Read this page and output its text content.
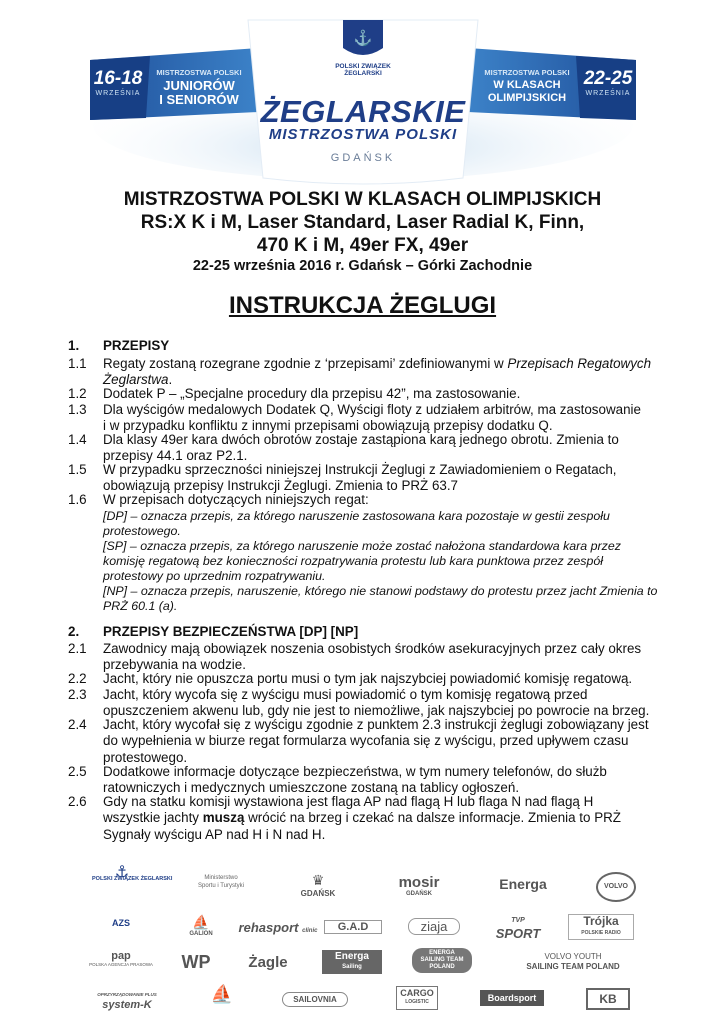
⚓
16-18
WRZEŚNIA
MISTRZOSTWA POLSKI
JUNIORÓW
I SENIORÓW
MISTRZOSTWA POLSKI
W KLASACH
OLIMPIJSKICH
22-25
WRZEŚNIA
POLSKI ZWIĄZEK
ŻEGLARSKI
ŻEGLARSKIE
MISTRZOSTWA POLSKI
GDAŃSK
MISTRZOSTWA POLSKI W KLASACH OLIMPIJSKICH
RS:X K i M, Laser Standard, Laser Radial K, Finn,
470 K i M, 49er FX, 49er
22-25 września 2016 r. Gdańsk – Górki Zachodnie
INSTRUKCJA ŻEGLUGI
1. PRZEPISY
1.1 Regaty zostaną rozegrane zgodnie z ‘przepisami’ zdefiniowanymi w Przepisach Regatowych
Żeglarstwa.
1.2 Dodatek P – „Specjalne procedury dla przepisu 42”, ma zastosowanie.
1.3 Dla wyścigów medalowych Dodatek Q, Wyścigi floty z udziałem arbitrów, ma zastosowanie
i w przypadku konfliktu z innymi przepisami obowiązują przepisy dodatku Q.
1.4 Dla klasy 49er kara dwóch obrotów zostaje zastąpiona karą jednego obrotu. Zmienia to
przepisy 44.1 oraz P2.1.
1.5 W przypadku sprzeczności niniejszej Instrukcji Żeglugi z Zawiadomieniem o Regatach,
obowiązują przepisy Instrukcji Żeglugi. Zmienia to PRŻ 63.7
1.6 W przepisach dotyczących niniejszych regat:
[DP] – oznacza przepis, za którego naruszenie zastosowana kara pozostaje w gestii zespołu
protestowego.
[SP] – oznacza przepis, za którego naruszenie może zostać nałożona standardowa kara przez
komisję regatową bez konieczności rozpatrywania protestu lub kara punktowa przez zespół
protestowy po uprzednim rozpatrywaniu.
[NP] – oznacza przepis, naruszenie, którego nie stanowi podstawy do protestu przez jacht Zmienia to
PRŻ 60.1 (a).
2. PRZEPISY BEZPIECZEŃSTWA [DP] [NP]
2.1 Zawodnicy mają obowiązek noszenia osobistych środków asekuracyjnych przez cały okres
przebywania na wodzie.
2.2 Jacht, który nie opuszcza portu musi o tym jak najszybciej powiadomić komisję regatową.
2.3 Jacht, który wycofa się z wyścigu musi powiadomić o tym komisję regatową przed
opuszczeniem akwenu lub, gdy nie jest to niemożliwe, jak najszybciej po powrocie na brzeg.
2.4 Jacht, który wycofał się z wyścigu zgodnie z punktem 2.3 instrukcji żeglugi zobowiązany jest
do wypełnienia w biurze regat formularza wycofania się z wyścigu, przed upływem czasu
protestowego.
2.5 Dodatkowe informacje dotyczące bezpieczeństwa, w tym numery telefonów, do służb
ratowniczych i medycznych umieszczone zostaną na tablicy ogłoszeń.
2.6 Gdy na statku komisji wystawiona jest flaga AP nad flagą H lub flaga N nad flagą H
wszystkie jachty muszą wrócić na brzeg i czekać na dalsze informacje. Zmienia to PRŻ
Sygnały wyścigu AP nad H i N nad H.
⚓
POLSKI ZWIĄZEK ŻEGLARSKI	Ministerstwo
Sportu i Turystyki	♛
GDAŃSK
mosir
GDAŃSK
Energa	VOLVO
AZS	⛵
GALION	rehasport clinic	G.A.D	ziaja	TVP
SPORT
Trójka
POLSKIE RADIO
pap
POLSKA AGENCJA PRASOWA WP	Żagle	Energa
Sailing
ENERGA
SAILING TEAM
POLAND
VOLVO YOUTH
SAILING TEAM POLAND
OPRZYRZĄDOWANIE PLUS
system-K
⛵	SAILOVNIA
CARGO
LOGISTIC	Boardsport	KB
